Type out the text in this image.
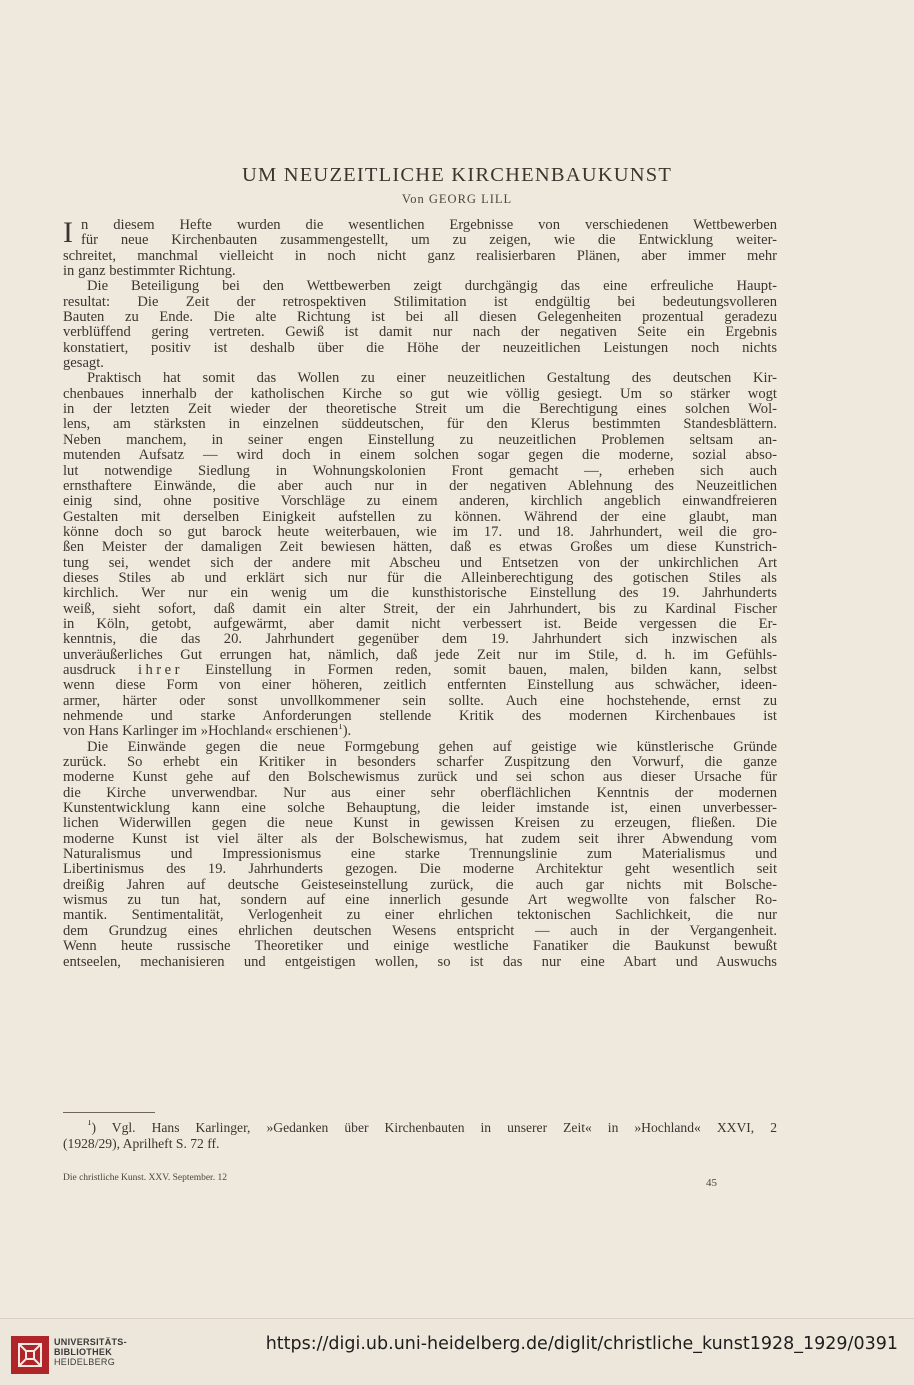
UM NEUZEITLICHE KIRCHENBAUKUNST
Von GEORG LILL
I n diesem Hefte wurden die wesentlichen Ergebnisse von verschiedenen Wettbewerben
für neue Kirchenbauten zusammengestellt, um zu zeigen, wie die Entwicklung weiter-
schreitet, manchmal vielleicht in noch nicht ganz realisierbaren Plänen, aber immer mehr
in ganz bestimmter Richtung.
Die Beteiligung bei den Wettbewerben zeigt durchgängig das eine erfreuliche Haupt-
resultat: Die Zeit der retrospektiven Stilimitation ist endgültig bei bedeutungsvolleren
Bauten zu Ende. Die alte Richtung ist bei all diesen Gelegenheiten prozentual geradezu
verblüffend gering vertreten. Gewiß ist damit nur nach der negativen Seite ein Ergebnis
konstatiert, positiv ist deshalb über die Höhe der neuzeitlichen Leistungen noch nichts
gesagt.
Praktisch hat somit das Wollen zu einer neuzeitlichen Gestaltung des deutschen Kir-
chenbaues innerhalb der katholischen Kirche so gut wie völlig gesiegt. Um so stärker wogt
in der letzten Zeit wieder der theoretische Streit um die Berechtigung eines solchen Wol-
lens, am stärksten in einzelnen süddeutschen, für den Klerus bestimmten Standesblättern.
Neben manchem, in seiner engen Einstellung zu neuzeitlichen Problemen seltsam an-
mutenden Aufsatz — wird doch in einem solchen sogar gegen die moderne, sozial abso-
lut notwendige Siedlung in Wohnungskolonien Front gemacht —, erheben sich auch
ernsthaftere Einwände, die aber auch nur in der negativen Ablehnung des Neuzeitlichen
einig sind, ohne positive Vorschläge zu einem anderen, kirchlich angeblich einwandfreieren
Gestalten mit derselben Einigkeit aufstellen zu können. Während der eine glaubt, man
könne doch so gut barock heute weiterbauen, wie im 17. und 18. Jahrhundert, weil die gro-
ßen Meister der damaligen Zeit bewiesen hätten, daß es etwas Großes um diese Kunstrich-
tung sei, wendet sich der andere mit Abscheu und Entsetzen von der unkirchlichen Art
dieses Stiles ab und erklärt sich nur für die Alleinberechtigung des gotischen Stiles als
kirchlich. Wer nur ein wenig um die kunsthistorische Einstellung des 19. Jahrhunderts
weiß, sieht sofort, daß damit ein alter Streit, der ein Jahrhundert, bis zu Kardinal Fischer
in Köln, getobt, aufgewärmt, aber damit nicht verbessert ist. Beide vergessen die Er-
kenntnis, die das 20. Jahrhundert gegenüber dem 19. Jahrhundert sich inzwischen als
unveräußerliches Gut errungen hat, nämlich, daß jede Zeit nur im Stile, d. h. im Gefühls-
ausdruck ihrer Einstellung in Formen reden, somit bauen, malen, bilden kann, selbst
wenn diese Form von einer höheren, zeitlich entfernten Einstellung aus schwächer, ideen-
armer, härter oder sonst unvollkommener sein sollte. Auch eine hochstehende, ernst zu
nehmende und starke Anforderungen stellende Kritik des modernen Kirchenbaues ist
von Hans Karlinger im »Hochland« erschienen$^1$).
Die Einwände gegen die neue Formgebung gehen auf geistige wie künstlerische Gründe
zurück. So erhebt ein Kritiker in besonders scharfer Zuspitzung den Vorwurf, die ganze
moderne Kunst gehe auf den Bolschewismus zurück und sei schon aus dieser Ursache für
die Kirche unverwendbar. Nur aus einer sehr oberflächlichen Kenntnis der modernen
Kunstentwicklung kann eine solche Behauptung, die leider imstande ist, einen unverbesser-
lichen Widerwillen gegen die neue Kunst in gewissen Kreisen zu erzeugen, fließen. Die
moderne Kunst ist viel älter als der Bolschewismus, hat zudem seit ihrer Abwendung vom
Naturalismus und Impressionismus eine starke Trennungslinie zum Materialismus und
Libertinismus des 19. Jahrhunderts gezogen. Die moderne Architektur geht wesentlich seit
dreißig Jahren auf deutsche Geisteseinstellung zurück, die auch gar nichts mit Bolsche-
wismus zu tun hat, sondern auf eine innerlich gesunde Art wegwollte von falscher Ro-
mantik. Sentimentalität, Verlogenheit zu einer ehrlichen tektonischen Sachlichkeit, die nur
dem Grundzug eines ehrlichen deutschen Wesens entspricht — auch in der Vergangenheit.
Wenn heute russische Theoretiker und einige westliche Fanatiker die Baukunst bewußt
entseelen, mechanisieren und entgeistigen wollen, so ist das nur eine Abart und Auswuchs
$^1$) Vgl. Hans Karlinger, »Gedanken über Kirchenbauten in unserer Zeit« in »Hochland« XXVI, 2
(1928/29), Aprilheft S. 72 ff.
Die christliche Kunst. XXV. September. 12	45
UNIVERSITÄTS-
BIBLIOTHEK
HEIDELBERG
https://digi.ub.uni-heidelberg.de/diglit/christliche_kunst1928_1929/0391
